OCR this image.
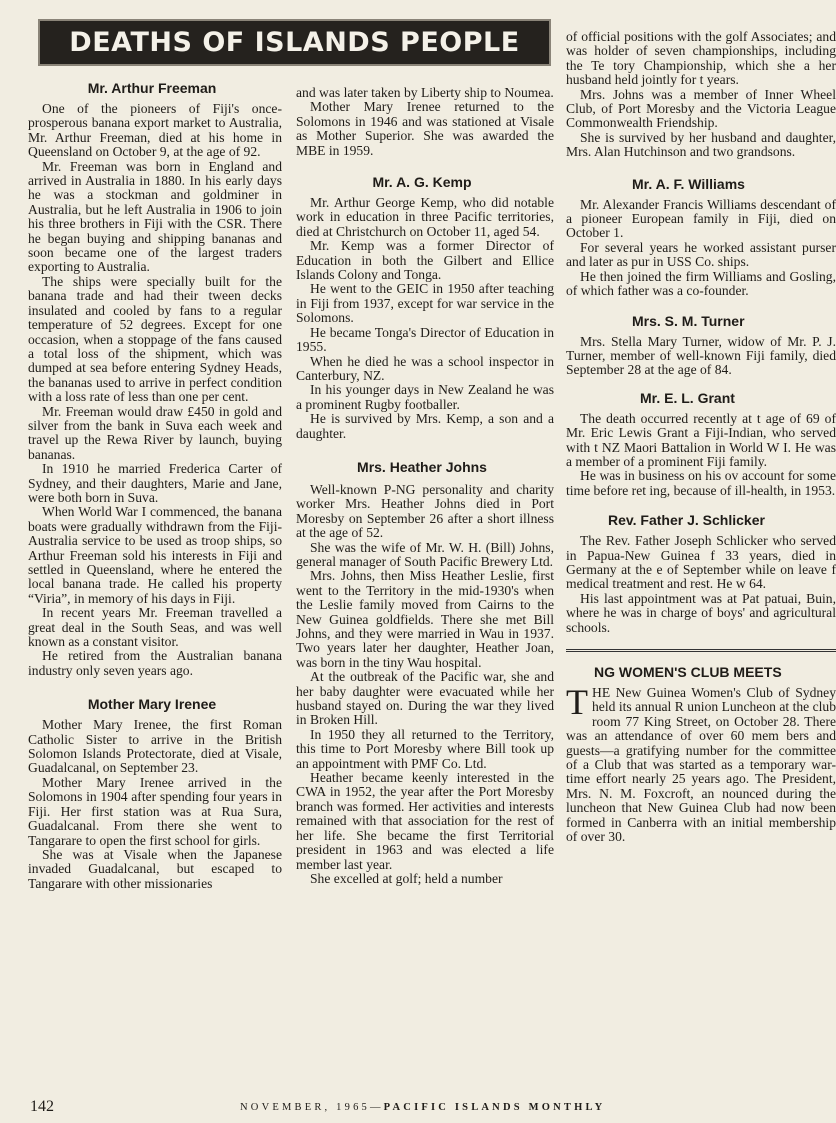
DEATHS OF ISLANDS PEOPLE
Mr. Arthur Freeman

One of the pioneers of Fiji's once-prosperous banana export market to Australia, Mr. Arthur Freeman, died at his home in Queensland on October 9, at the age of 92.

Mr. Freeman was born in England and arrived in Australia in 1880. In his early days he was a stockman and goldminer in Australia, but he left Australia in 1906 to join his three brothers in Fiji with the CSR. There he began buying and shipping bananas and soon became one of the largest traders exporting to Australia.

The ships were specially built for the banana trade and had their tween decks insulated and cooled by fans to a regular temperature of 52 degrees. Except for one occasion, when a stoppage of the fans caused a total loss of the shipment, which was dumped at sea before entering Sydney Heads, the bananas used to arrive in perfect condition with a loss rate of less than one per cent.

Mr. Freeman would draw £450 in gold and silver from the bank in Suva each week and travel up the Rewa River by launch, buying bananas.

In 1910 he married Frederica Carter of Sydney, and their daughters, Marie and Jane, were both born in Suva.

When World War I commenced, the banana boats were gradually withdrawn from the Fiji-Australia service to be used as troop ships, so Arthur Freeman sold his interests in Fiji and settled in Queensland, where he entered the local banana trade. He called his property “Viria”, in memory of his days in Fiji.

In recent years Mr. Freeman travelled a great deal in the South Seas, and was well known as a constant visitor.

He retired from the Australian banana industry only seven years ago.

Mother Mary Irenee

Mother Mary Irenee, the first Roman Catholic Sister to arrive in the British Solomon Islands Protectorate, died at Visale, Guadalcanal, on September 23.

Mother Mary Irenee arrived in the Solomons in 1904 after spending four years in Fiji. Her first station was at Rua Sura, Guadalcanal. From there she went to Tangarare to open the first school for girls.

She was at Visale when the Japanese invaded Guadalcanal, but escaped to Tangarare with other missionaries

and was later taken by Liberty ship to Noumea.

Mother Mary Irenee returned to the Solomons in 1946 and was stationed at Visale as Mother Superior. She was awarded the MBE in 1959.

Mr. A. G. Kemp

Mr. Arthur George Kemp, who did notable work in education in three Pacific territories, died at Christchurch on October 11, aged 54.

Mr. Kemp was a former Director of Education in both the Gilbert and Ellice Islands Colony and Tonga.

He went to the GEIC in 1950 after teaching in Fiji from 1937, except for war service in the Solomons.

He became Tonga's Director of Education in 1955.

When he died he was a school inspector in Canterbury, NZ.

In his younger days in New Zealand he was a prominent Rugby footballer.

He is survived by Mrs. Kemp, a son and a daughter.

Mrs. Heather Johns

Well-known P-NG personality and charity worker Mrs. Heather Johns died in Port Moresby on September 26 after a short illness at the age of 52.

She was the wife of Mr. W. H. (Bill) Johns, general manager of South Pacific Brewery Ltd.

Mrs. Johns, then Miss Heather Leslie, first went to the Territory in the mid-1930's when the Leslie family moved from Cairns to the New Guinea goldfields. There she met Bill Johns, and they were married in Wau in 1937. Two years later her daughter, Heather Joan, was born in the tiny Wau hospital.

At the outbreak of the Pacific war, she and her baby daughter were evacuated while her husband stayed on. During the war they lived in Broken Hill.

In 1950 they all returned to the Territory, this time to Port Moresby where Bill took up an appointment with PMF Co. Ltd.

Heather became keenly interested in the CWA in 1952, the year after the Port Moresby branch was formed. Her activities and interests remained with that association for the rest of her life. She became the first Territorial president in 1963 and was elected a life member last year.

She excelled at golf; held a number

of official positions with the golf Associates; and was holder of seven championships, including the Te tory Championship, which she a her husband held jointly for t years.

Mrs. Johns was a member of Inner Wheel Club, of Port Moresby and the Victoria League Commonwealth Friendship.

She is survived by her husband and daughter, Mrs. Alan Hutchinson and two grandsons.

Mr. A. F. Williams

Mr. Alexander Francis Williams descendant of a pioneer European family in Fiji, died on October 1.

For several years he worked assistant purser and later as pur in USS Co. ships.

He then joined the firm Williams and Gosling, of which father was a co-founder.

Mrs. S. M. Turner

Mrs. Stella Mary Turner, widow of Mr. P. J. Turner, member of well-known Fiji family, died September 28 at the age of 84.

Mr. E. L. Grant

The death occurred recently at t age of 69 of Mr. Eric Lewis Grant a Fiji-Indian, who served with t NZ Maori Battalion in World W I. He was a member of a prominent Fiji family.

He was in business on his ov account for some time before ret ing, because of ill-health, in 1953.

Rev. Father J. Schlicker

The Rev. Father Joseph Schlicker who served in Papua-New Guinea f 33 years, died in Germany at the e of September while on leave f medical treatment and rest. He w 64.

His last appointment was at Pat patuai, Buin, where he was in charge of boys' and agricultural schools.

NG WOMEN'S CLUB MEETS

THE New Guinea Women's Club of Sydney held its annual R union Luncheon at the club room 77 King Street, on October 28. There was an attendance of over 60 mem bers and guests—a gratifying number for the committee of a Club that was started as a temporary war-time effort nearly 25 years ago. The President, Mrs. N. M. Foxcroft, an nounced during the luncheon that New Guinea Club had now been formed in Canberra with an initial membership of over 30.

142	NOVEMBER, 1965—PACIFIC ISLANDS MONTHLY
